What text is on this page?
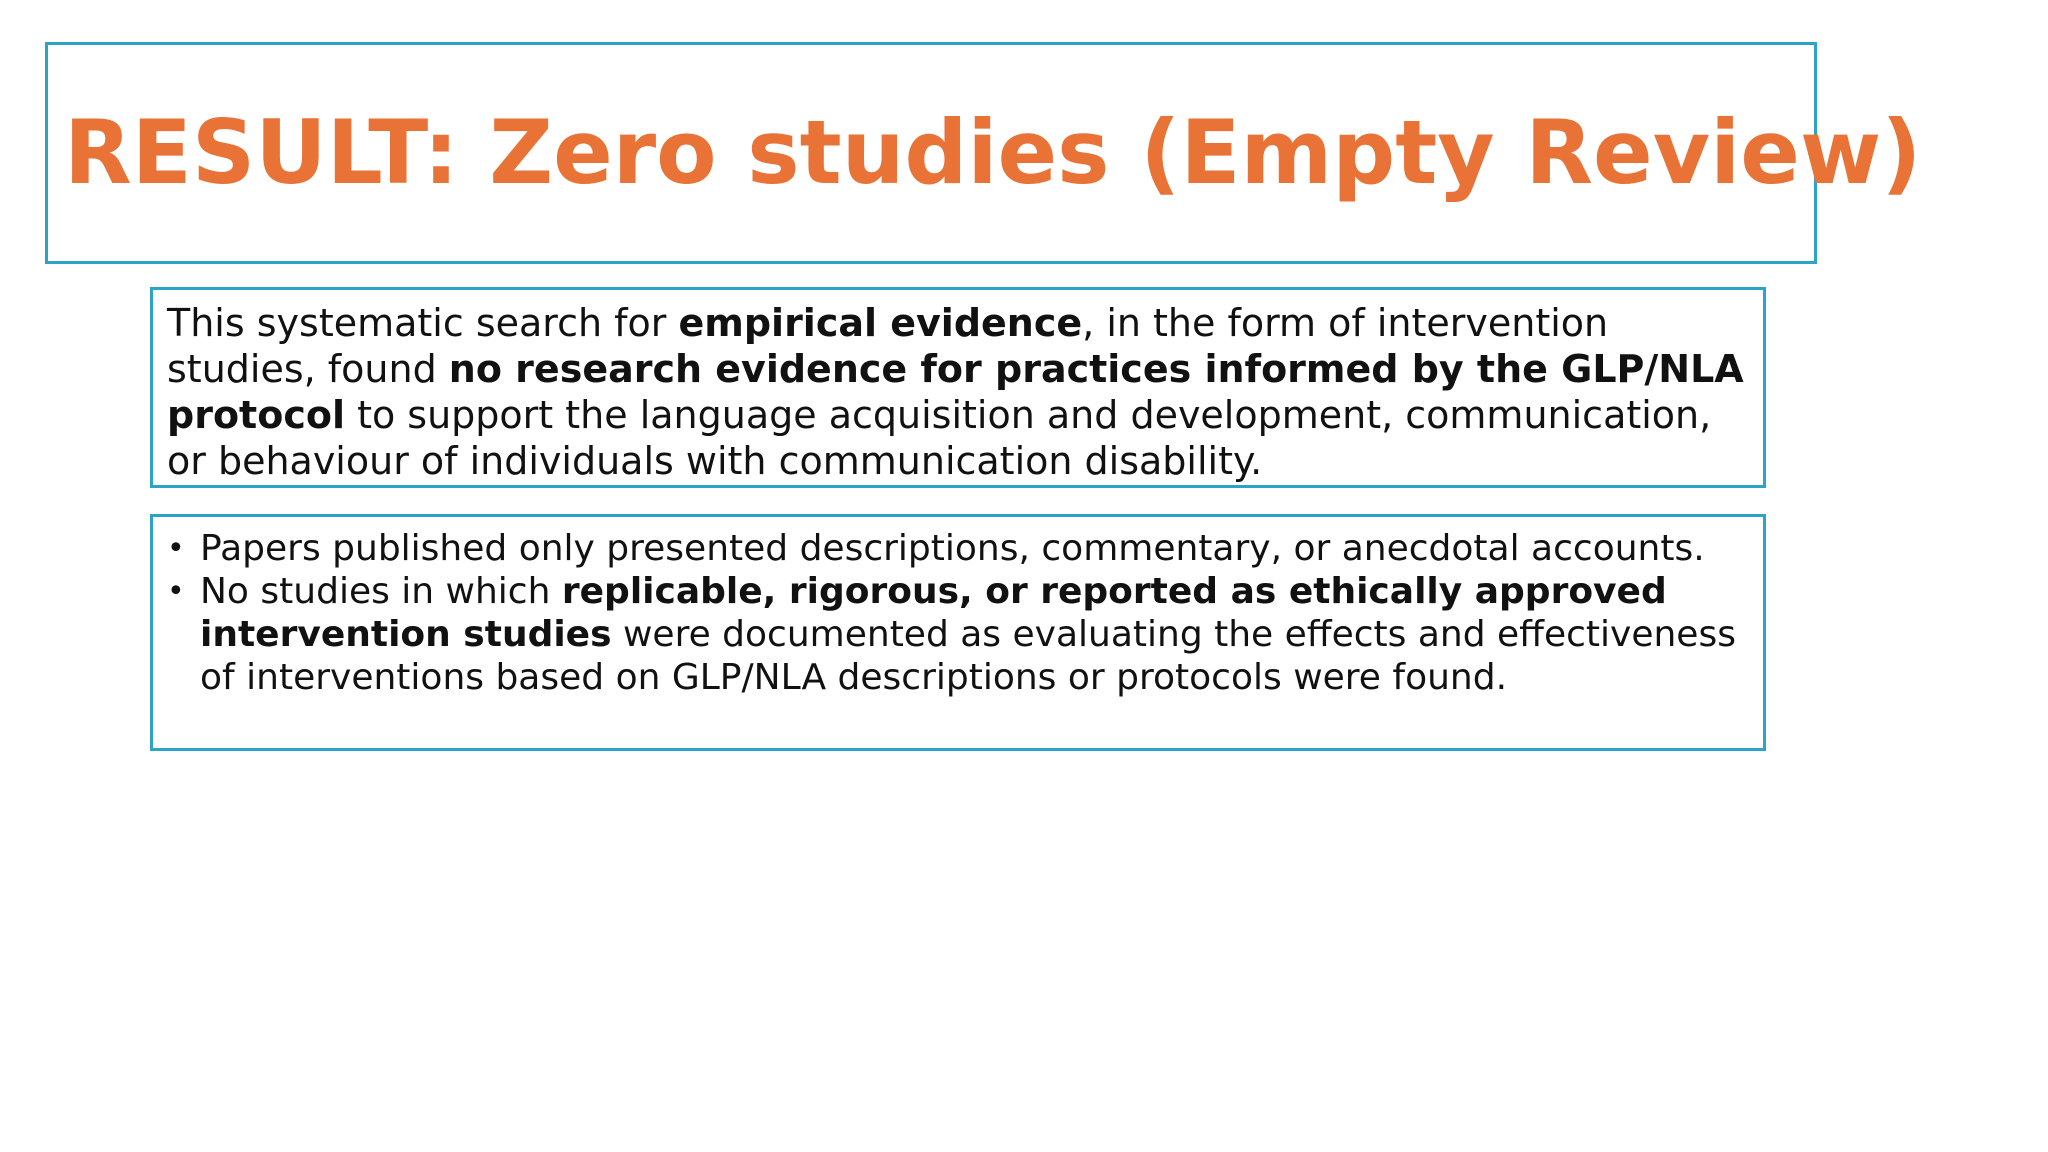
RESULT: Zero studies (Empty Review)
This systematic search for empirical evidence, in the form of intervention studies, found no research evidence for practices informed by the GLP/NLA protocol to support the language acquisition and development, communication, or behaviour of individuals with communication disability.
• Papers published only presented descriptions, commentary, or anecdotal accounts.
• No studies in which replicable, rigorous, or reported as ethically approved intervention studies were documented as evaluating the effects and effectiveness of interventions based on GLP/NLA descriptions or protocols were found.
